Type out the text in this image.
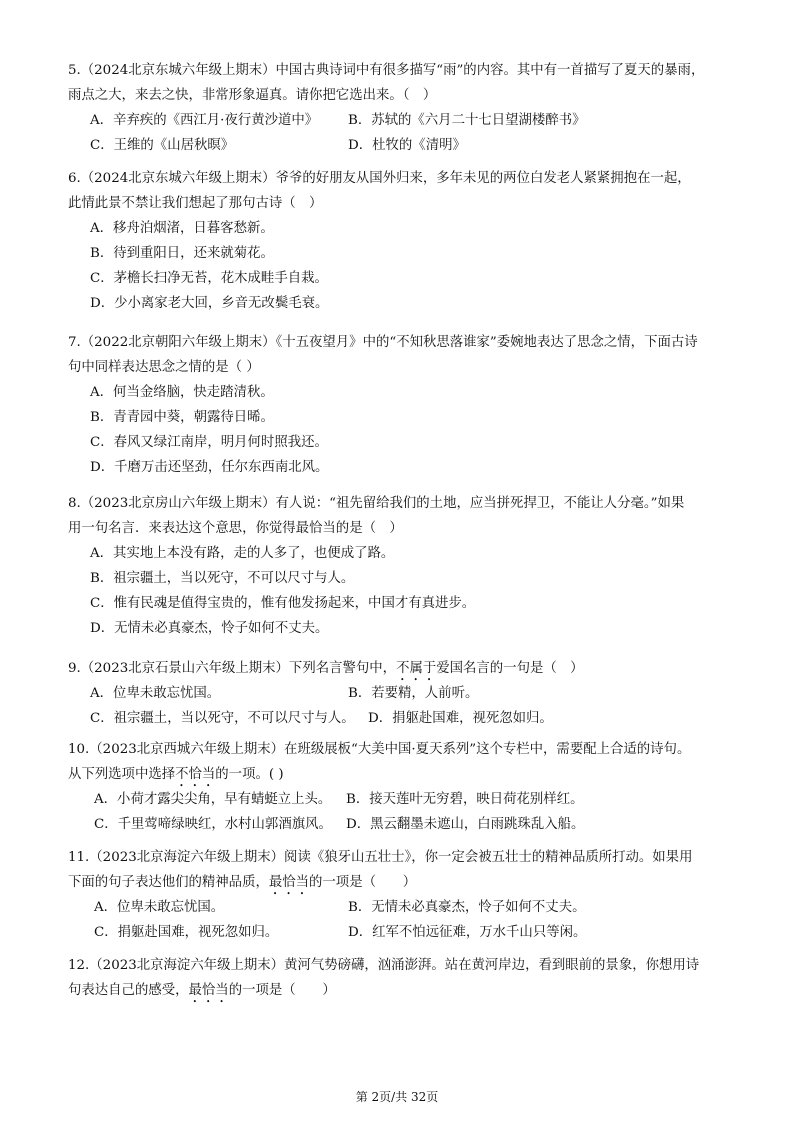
5.（2024北京东城六年级上期末）中国古典诗词中有很多描写“雨”的内容。其中有一首描写了夏天的暴雨，
雨点之大，来去之快，非常形象逼真。请你把它选出来。（　）
A．辛弃疾的《西江月·夜行黄沙道中》 B．苏轼的《六月二十七日望湖楼醉书》
C．王维的《山居秋暝》	D．杜牧的《清明》
6.（2024北京东城六年级上期末）爷爷的好朋友从国外归来，多年未见的两位白发老人紧紧拥抱在一起，
此情此景不禁让我们想起了那句古诗（　）
A．移舟泊烟渚，日暮客愁新。
B．待到重阳日，还来就菊花。
C．茅檐长扫净无苔，花木成畦手自栽。
D．少小离家老大回，乡音无改鬓毛衰。
7.（2022北京朝阳六年级上期末）《十五夜望月》中的“不知秋思落谁家”委婉地表达了思念之情，下面古诗
句中同样表达思念之情的是（ ）
A．何当金络脑，快走踏清秋。
B．青青园中葵，朝露待日晞。
C．春风又绿江南岸，明月何时照我还。
D．千磨万击还坚劲，任尔东西南北风。
8.（2023北京房山六年级上期末）有人说：“祖先留给我们的土地，应当拼死捍卫，不能让人分毫。”如果
用一句名言．来表达这个意思，你觉得最恰当的是（　）
A．其实地上本没有路，走的人多了，也便成了路。
B．祖宗疆土，当以死守，不可以尺寸与人。
C．惟有民魂是值得宝贵的，惟有他发扬起来，中国才有真进步。
D．无情未必真豪杰，怜子如何不丈夫。
9.（2023北京石景山六年级上期末）下列名言警句中，不属于爱国名言的一句是（　）
A．位卑未敢忘忧国。	B．若要精，人前听。
C．祖宗疆土，当以死守，不可以尺寸与人。 D．捐躯赴国难，视死忽如归。
10.（2023北京西城六年级上期末）在班级展板“大美中国·夏天系列”这个专栏中，需要配上合适的诗句。
从下列选项中选择不恰当的一项。( )
A．小荷才露尖尖角，早有蜻蜓立上头。 B．接天莲叶无穷碧，映日荷花别样红。
C．千里莺啼绿映红，水村山郭酒旗风。 D．黑云翻墨未遮山，白雨跳珠乱入船。
11.（2023北京海淀六年级上期末）阅读《狼牙山五壮士》，你一定会被五壮士的精神品质所打动。如果用
下面的句子表达他们的精神品质，最恰当的一项是（　　）
A．位卑未敢忘忧国。	B．无情未必真豪杰，怜子如何不丈夫。
C．捐躯赴国难，视死忽如归。	D．红军不怕远征难，万水千山只等闲。
12.（2023北京海淀六年级上期末）黄河气势磅礴，汹涌澎湃。站在黄河岸边，看到眼前的景象，你想用诗
句表达自己的感受，最恰当的一项是（　　）
第 2页/共 32页
